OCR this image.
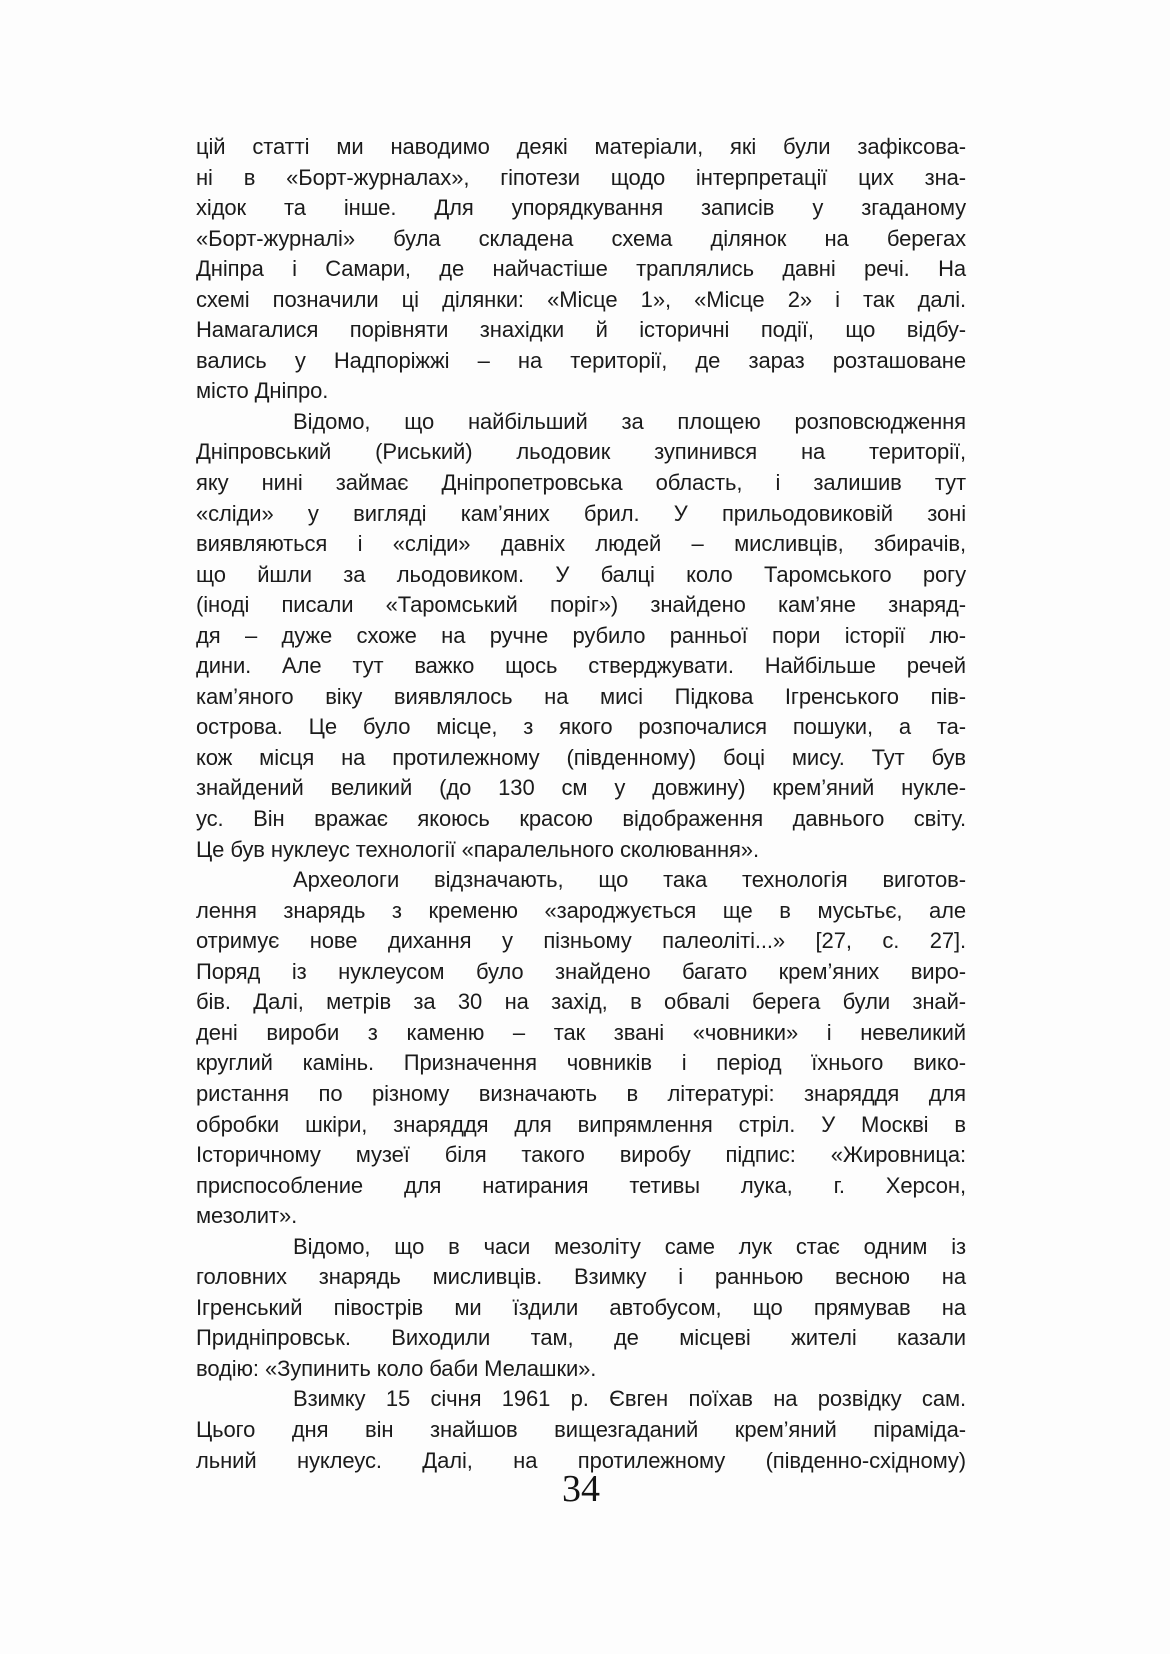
цій статті ми наводимо деякі матеріали, які були зафіксова-
ні в «Борт-журналах», гіпотези щодо інтерпретації цих зна-
хідок та інше. Для упорядкування записів у згаданому
«Борт-журналі» була складена схема ділянок на берегах
Дніпра і Самари, де найчастіше траплялись давні речі. На
схемі позначили ці ділянки: «Місце 1», «Місце 2» і так далі.
Намагалися порівняти знахідки й історичні події, що відбу-
вались у Надпоріжжі – на території, де зараз розташоване
місто Дніпро.
Відомо, що найбільший за площею розповсюдження
Дніпровський (Риський) льодовик зупинився на території,
яку нині займає Дніпропетровська область, і залишив тут
«сліди» у вигляді кам’яних брил. У прильодовиковій зоні
виявляються і «сліди» давніх людей – мисливців, збирачів,
що йшли за льодовиком. У балці коло Таромського рогу
(іноді писали «Таромський поріг») знайдено кам’яне знаряд-
дя – дуже схоже на ручне рубило ранньої пори історії лю-
дини. Але тут важко щось стверджувати. Найбільше речей
кам’яного віку виявлялось на мисі Підкова Ігренського пів-
острова. Це було місце, з якого розпочалися пошуки, а та-
кож місця на протилежному (південному) боці мису. Тут був
знайдений великий (до 130 см у довжину) крем’яний нукле-
ус. Він вражає якоюсь красою відображення давнього світу.
Це був нуклеус технології «паралельного сколювання».
Археологи відзначають, що така технологія виготов-
лення знарядь з кременю «зароджується ще в мусьтьє, але
отримує нове дихання у пізньому палеоліті...» [27, с. 27].
Поряд із нуклеусом було знайдено багато крем’яних виро-
бів. Далі, метрів за 30 на захід, в обвалі берега були знай-
дені вироби з каменю – так звані «човники» і невеликий
круглий камінь. Призначення човників і період їхнього вико-
ристання по різному визначають в літературі: знаряддя для
обробки шкіри, знаряддя для випрямлення стріл. У Москві в
Історичному музеї біля такого виробу підпис: «Жировница:
приспособление для натирания тетивы лука, г. Херсон,
мезолит».
Відомо, що в часи мезоліту саме лук стає одним із
головних знарядь мисливців. Взимку і ранньою весною на
Ігренський півострів ми їздили автобусом, що прямував на
Придніпровськ. Виходили там, де місцеві жителі казали
водію: «Зупинить коло баби Мелашки».
Взимку 15 січня 1961 р. Євген поїхав на розвідку сам.
Цього дня він знайшов вищезгаданий крем’яний піраміда-
льний нуклеус. Далі, на протилежному (південно-східному)
34
